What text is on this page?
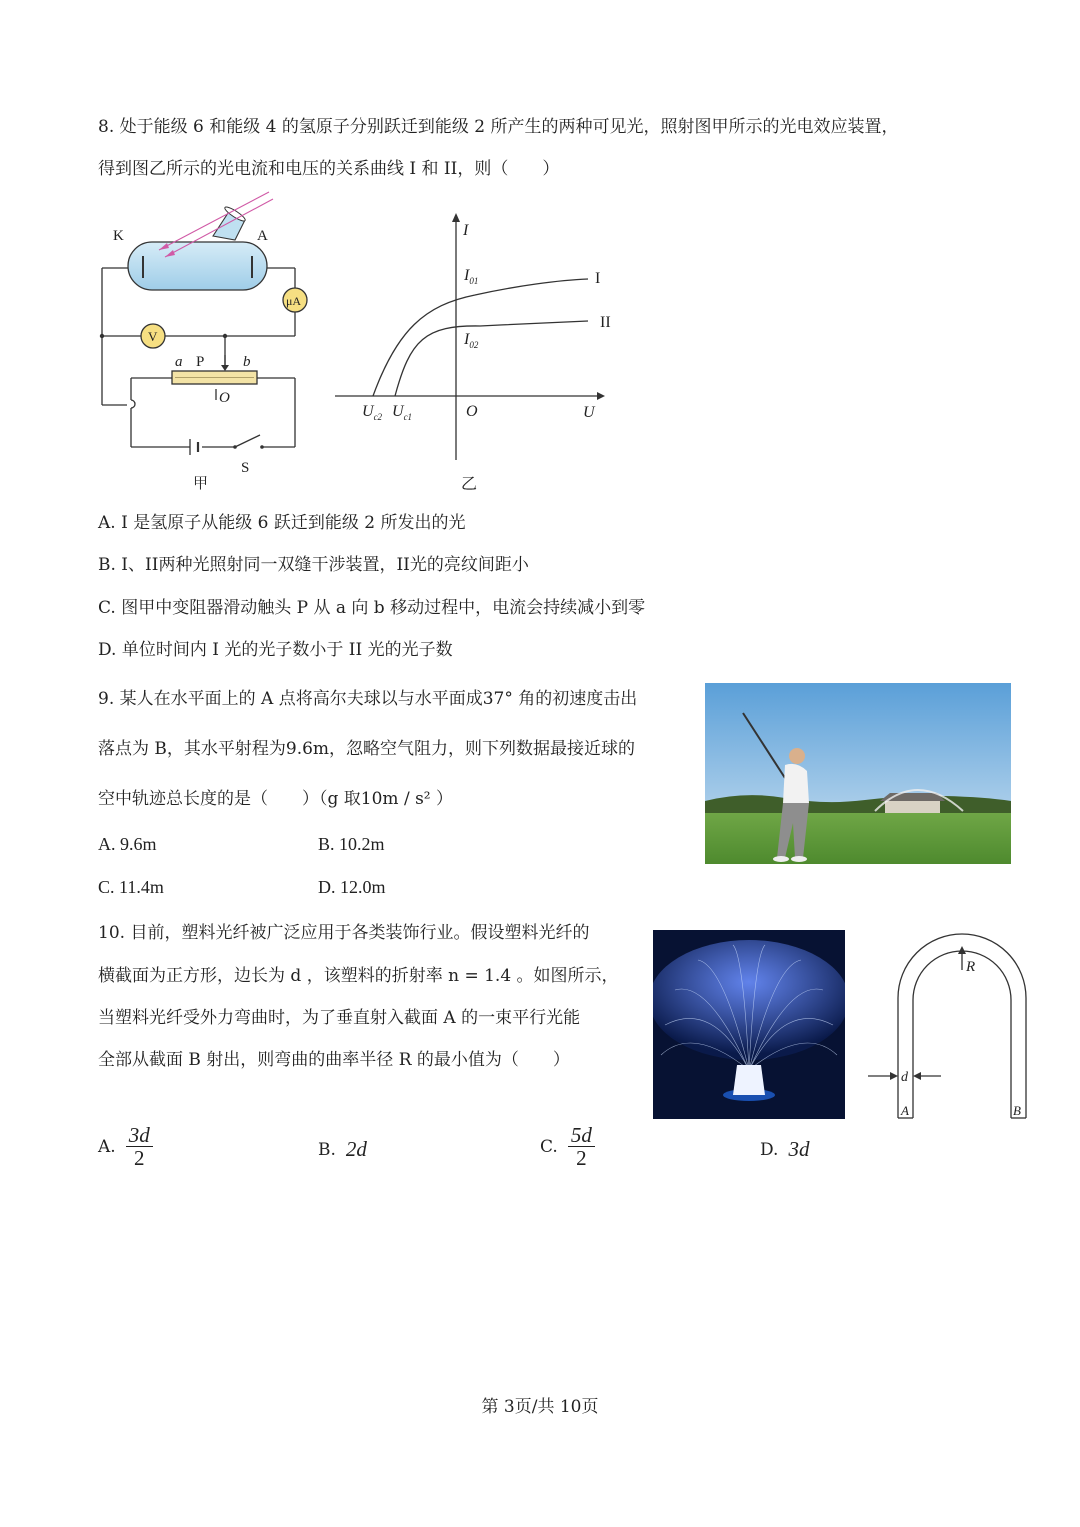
8. 处于能级 6 和能级 4 的氢原子分别跃迁到能级 2 所产生的两种可见光，照射图甲所示的光电效应装置，
得到图乙所示的光电流和电压的关系曲线 I 和 II，则（　　）
K	A
μA
V
a P	b
O
S
甲
I
$I_{01}$
$I_{02}$
I
II
$U_{c2}$ $U_{c1}$	O	U
乙
A. I 是氢原子从能级 6 跃迁到能级 2 所发出的光
B. I、II两种光照射同一双缝干涉装置，II光的亮纹间距小
C. 图甲中变阻器滑动触头 P 从 a 向 b 移动过程中，电流会持续减小到零
D. 单位时间内 I 光的光子数小于 II 光的光子数
9. 某人在水平面上的 A 点将高尔夫球以与水平面成37° 角的初速度击出
落点为 B，其水平射程为9.6m，忽略空气阻力，则下列数据最接近球的
空中轨迹总长度的是（　　）（g 取10m / s² ）
A. 9.6m	B. 10.2m
C. 11.4m	D. 12.0m
10. 目前，塑料光纤被广泛应用于各类装饰行业。假设塑料光纤的
横截面为正方形，边长为 d ，该塑料的折射率 n = 1.4 。如图所示，
当塑料光纤受外力弯曲时，为了垂直射入截面 A 的一束平行光能
全部从截面 B 射出，则弯曲的曲率半径 R 的最小值为（　　）
R
d
A	B
A. $\frac{3d}{2}$	B. 2d	C. $\frac{5d}{2}$	D. 3d
第 3页/共 10页
